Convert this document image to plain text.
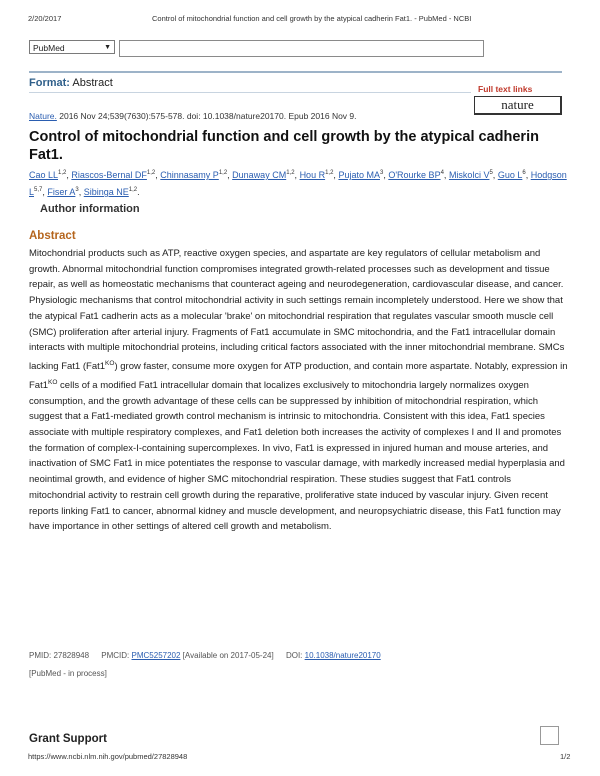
2/20/2017	Control of mitochondrial function and cell growth by the atypical cadherin Fat1. - PubMed - NCBI
PubMed	▼
Format: Abstract	Full text links
nature
Nature. 2016 Nov 24;539(7630):575-578. doi: 10.1038/nature20170. Epub 2016 Nov 9.
Control of mitochondrial function and cell growth by the atypical cadherin Fat1.
Cao LL$^{1,2}$, Riascos-Bernal DF$^{1,2}$, Chinnasamy P$^{1,2}$, Dunaway CM$^{1,2}$, Hou R$^{1,2}$, Pujato $MA^3$, O'Rourke $BP^4$, Miskolci $V^5$, Guo $L^6$, Hodgson L$^{5,7}$, Fiser $A^3$, Sibinga NE$^{1,2}$.
Author information
Abstract
Mitochondrial products such as ATP, reactive oxygen species, and aspartate are key regulators of cellular metabolism and growth. Abnormal mitochondrial function compromises integrated growth-related processes such as development and tissue repair, as well as homeostatic mechanisms that counteract ageing and neurodegeneration, cardiovascular disease, and cancer. Physiologic mechanisms that control mitochondrial activity in such settings remain incompletely understood. Here we show that the atypical Fat1 cadherin acts as a molecular 'brake' on mitochondrial respiration that regulates vascular smooth muscle cell (SMC) proliferation after arterial injury. Fragments of Fat1 accumulate in SMC mitochondria, and the Fat1 intracellular domain interacts with multiple mitochondrial proteins, including critical factors associated with the inner mitochondrial membrane. SMCs lacking Fat1 $(Fat1^{KO})$ grow faster, consume more oxygen for ATP production, and contain more aspartate. Notably, expression in $Fat1^{KO}$ cells of a modified Fat1 intracellular domain that localizes exclusively to mitochondria largely normalizes oxygen consumption, and the growth advantage of these cells can be suppressed by inhibition of mitochondrial respiration, which suggest that a Fat1-mediated growth control mechanism is intrinsic to mitochondria. Consistent with this idea, Fat1 species associate with multiple respiratory complexes, and Fat1 deletion both increases the activity of complexes I and II and promotes the formation of complex-I-containing supercomplexes. In vivo, Fat1 is expressed in injured human and mouse arteries, and inactivation of SMC Fat1 in mice potentiates the response to vascular damage, with markedly increased medial hyperplasia and neointimal growth, and evidence of higher SMC mitochondrial respiration. These studies suggest that Fat1 controls mitochondrial activity to restrain cell growth during the reparative, proliferative state induced by vascular injury. Given recent reports linking Fat1 to cancer, abnormal kidney and muscle development, and neuropsychiatric disease, this Fat1 function may have importance in other settings of altered cell growth and metabolism.
PMID: 27828948 PMCID: PMC5257202 [Available on 2017-05-24] DOI: 10.1038/nature20170
[PubMed - in process]
Grant Support
https://www.ncbi.nlm.nih.gov/pubmed/27828948	1/2
